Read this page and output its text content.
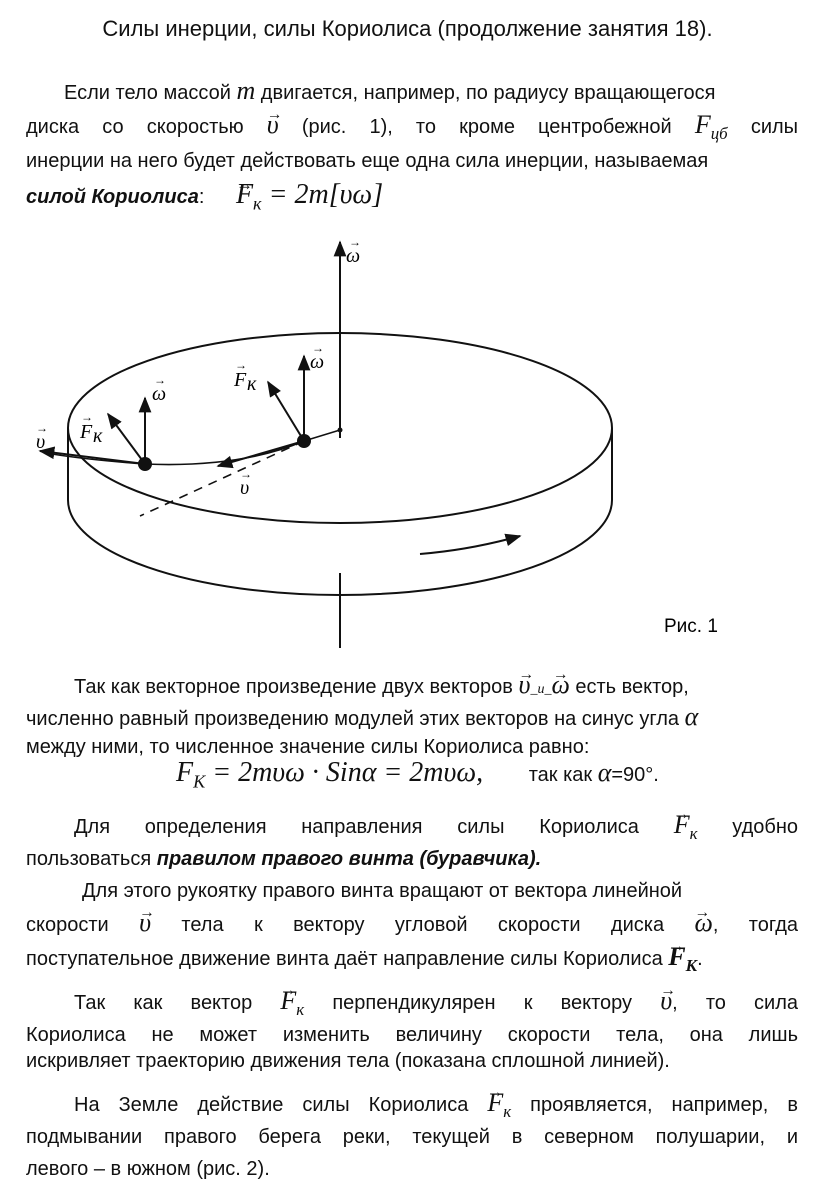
Силы инерции, силы Кориолиса (продолжение занятия 18).
Если тело массой m двигается, например, по радиусу вращающегося
диска со скоростью → υ (рис. 1), то кроме центробежной $F_{цб}$ силы
инерции на него будет действовать еще одна сила инерции, называемая
силой Кориолиса: → $F_к = 2m[\upsilon\omega]$
ω
→
ω
→
ω
→	F к
→
F к
→
υ
→
υ
→
Рис. 1
Так как векторное произведение двух векторов → υ_и_→ ω есть вектор,
численно равный произведению модулей этих векторов на синус угла α
между ними, то численное значение силы Кориолиса равно:
$F_К = 2m\upsilon\omega \cdot Sin\alpha = 2m\upsilon\omega$, так как α=90°.
Для определения направления силы Кориолиса → $F_к$ удобно
пользоваться правилом правого винта (буравчика).
Для этого рукоятку правого винта вращают от вектора линейной
скорости → υ тела к вектору угловой скорости диска → ω, тогда
поступательное движение винта даёт направление силы Кориолиса → $F_К$.
Так как вектор → $F_к$ перпендикулярен к вектору → υ, то сила
Кориолиса не может изменить величину скорости тела, она лишь
искривляет траекторию движения тела (показана сплошной линией).
На Земле действие силы Кориолиса → $F_к$ проявляется, например, в
подмывании правого берега реки, текущей в северном полушарии, и
левого – в южном (рис. 2).
